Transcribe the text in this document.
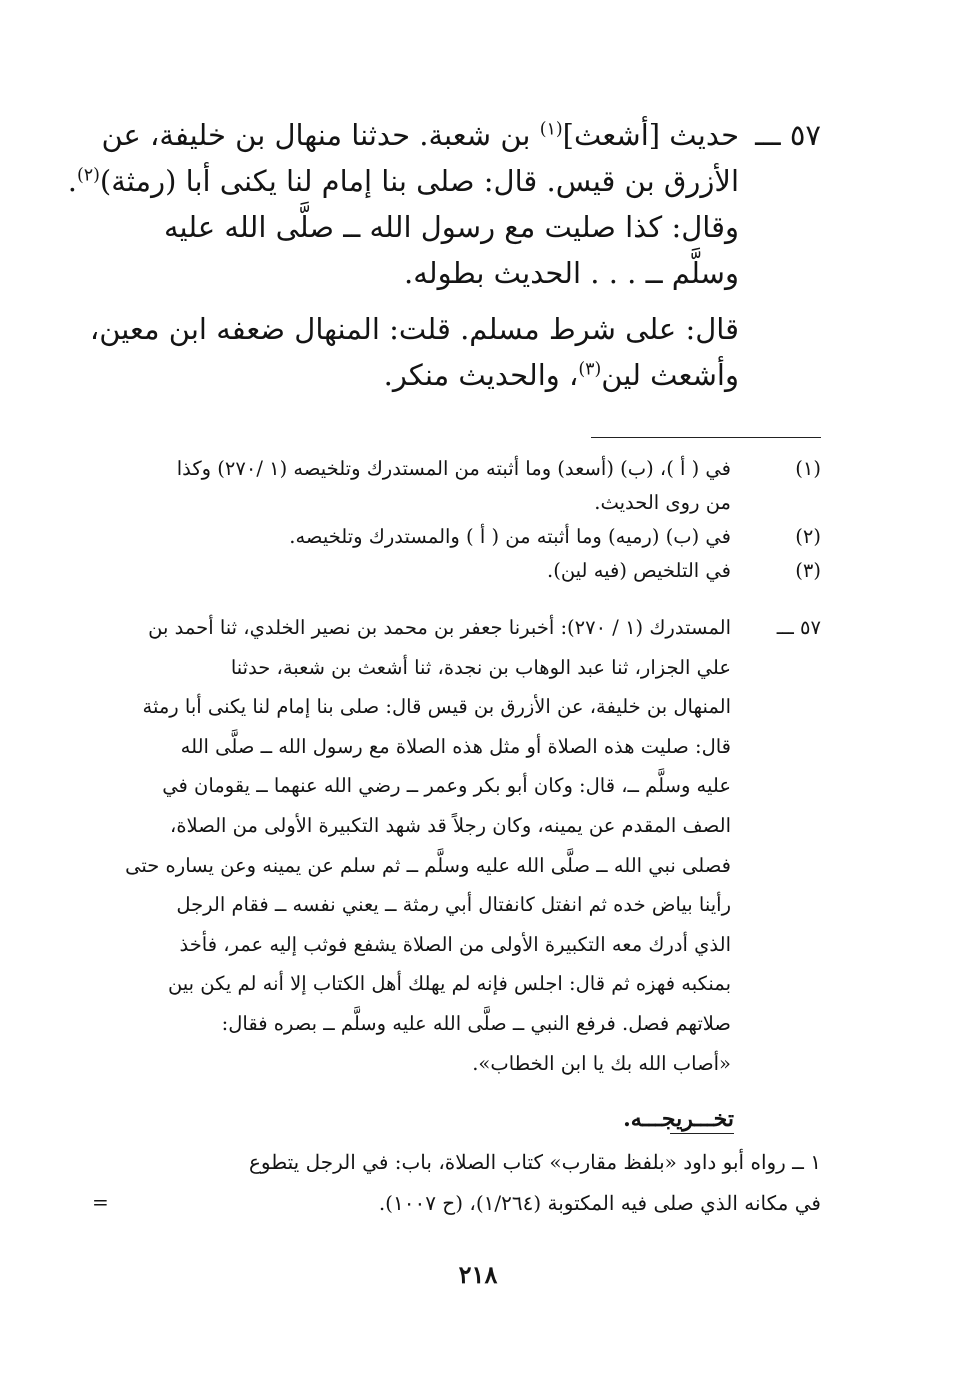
٥٧ ـــ
حديث [أشعث]$^{(١)}$ بن شعبة. حدثنا منهال بن خليفة، عن
الأزرق بن قيس. قال: صلى بنا إمام لنا يكنى أبا (رمثة)$^{(٢)}$.
وقال: كذا صليت مع رسول الله ــ صلَّى الله عليه
وسلَّم ــ . . . الحديث بطوله.
قال: على شرط مسلم. قلت: المنهال ضعفه ابن معين،
وأشعث لين$^{(٣)}$، والحديث منكر.
(١)
في ( أ )، (ب) (أسعد) وما أثبته من المستدرك وتلخيصه (١ /٢٧٠) وكذا
من روى الحديث.
(٢)
في (ب) (رميه) وما أثبته من ( أ ) والمستدرك وتلخيصه.
(٣)
في التلخيص (فيه لين).
٥٧ ـــ
المستدرك (١ / ٢٧٠): أخبرنا جعفر بن محمد بن نصير الخلدي، ثنا أحمد بن
علي الجزار، ثنا عبد الوهاب بن نجدة، ثنا أشعث بن شعبة، حدثنا
المنهال بن خليفة، عن الأزرق بن قيس قال: صلى بنا إمام لنا يكنى أبا رمثة
قال: صليت هذه الصلاة أو مثل هذه الصلاة مع رسول الله ــ صلَّى الله
عليه وسلَّم ــ، قال: وكان أبو بكر وعمر ــ رضي الله عنهما ــ يقومان في
الصف المقدم عن يمينه، وكان رجلاً قد شهد التكبيرة الأولى من الصلاة،
فصلى نبي الله ــ صلَّى الله عليه وسلَّم ــ ثم سلم عن يمينه وعن يساره حتى
رأينا بياض خده ثم انفتل كانفتال أبي رمثة ــ يعني نفسه ــ فقام الرجل
الذي أدرك معه التكبيرة الأولى من الصلاة يشفع فوثب إليه عمر، فأخذ
بمنكبه فهزه ثم قال: اجلس فإنه لم يهلك أهل الكتاب إلا أنه لم يكن بين
صلاتهم فصل. فرفع النبي ــ صلَّى الله عليه وسلَّم ــ بصره فقال:
«أصاب الله بك يا ابن الخطاب».
تخـــريجـــه.
١ ــ رواه أبو داود «بلفظ مقارب» كتاب الصلاة، باب: في الرجل يتطوع
في مكانه الذي صلى فيه المكتوبة (١/٢٦٤)، (ح ١٠٠٧).
=
٢١٨
